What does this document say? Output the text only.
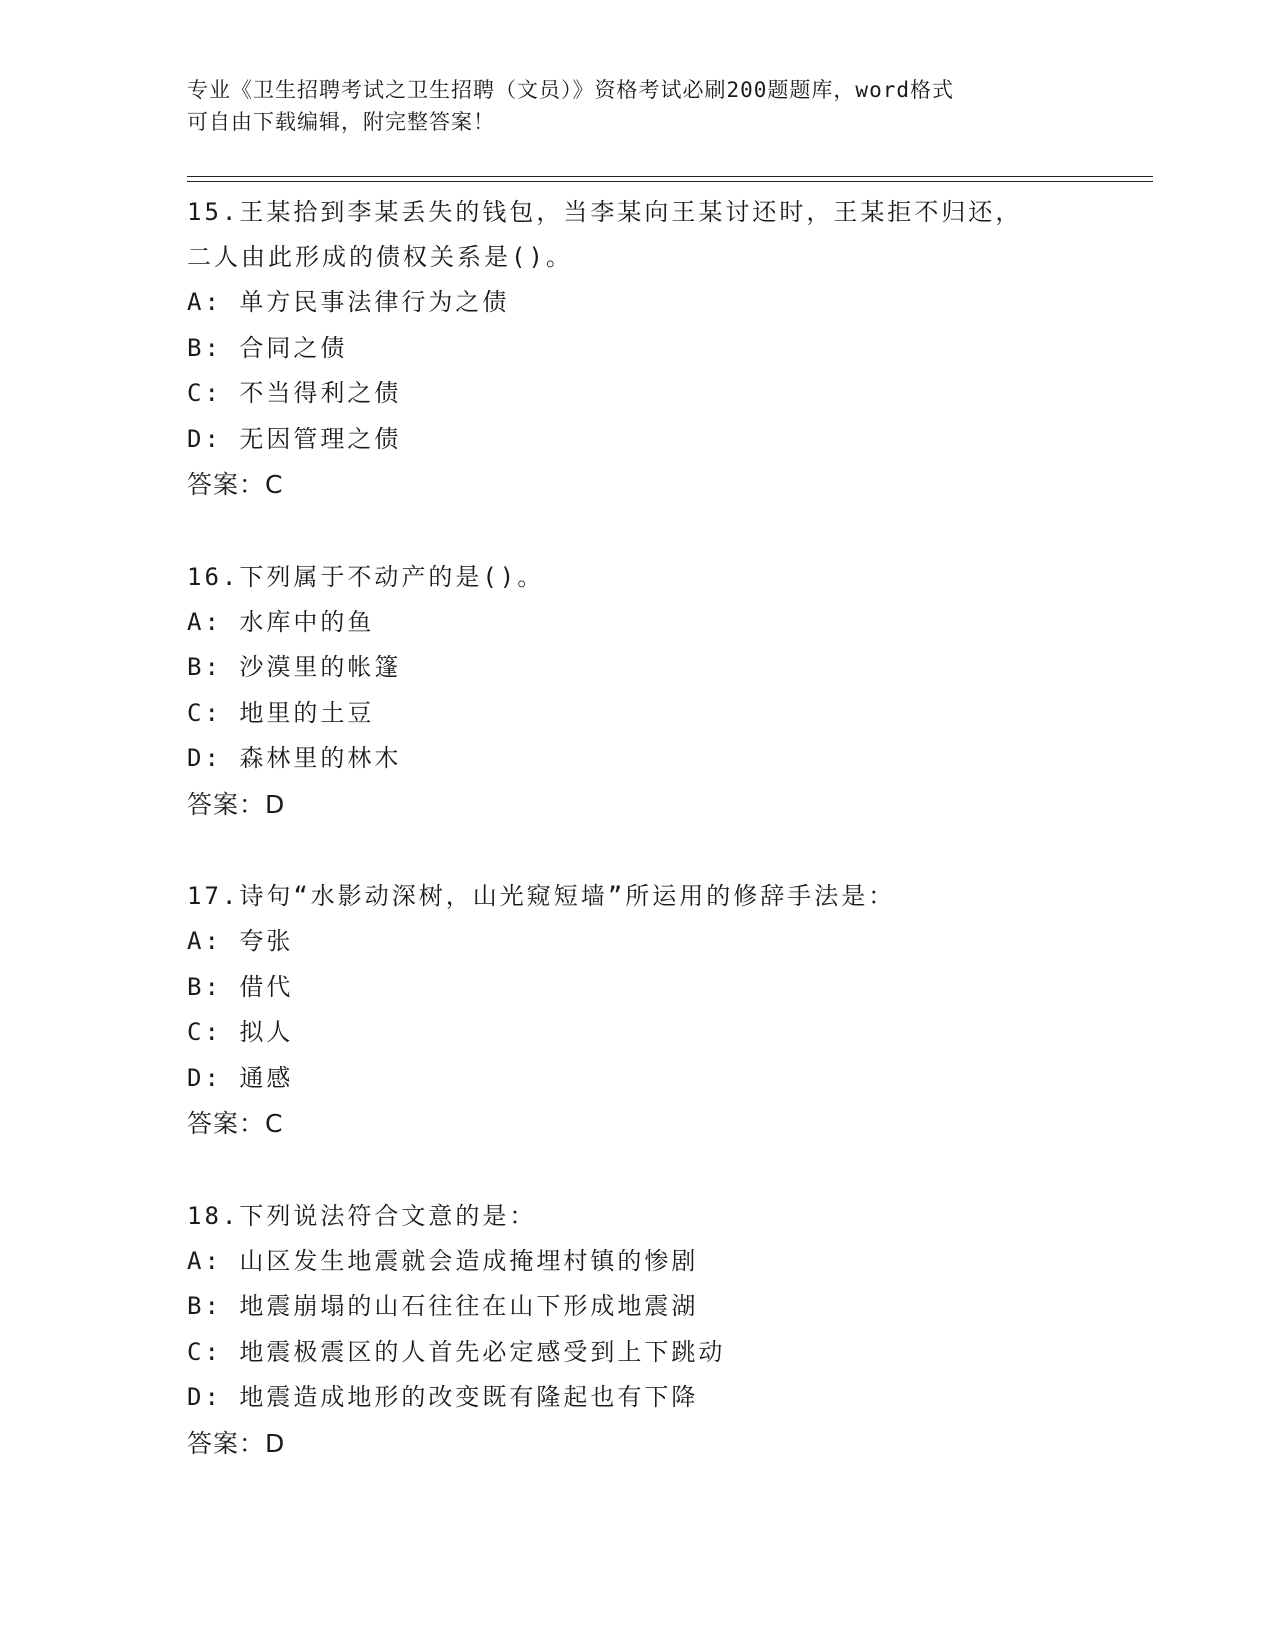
专业《卫生招聘考试之卫生招聘（文员）》资格考试必刷200题题库，word格式
可自由下载编辑，附完整答案！
15.王某拾到李某丢失的钱包，当李某向王某讨还时，王某拒不归还，
二人由此形成的债权关系是()。
A: 单方民事法律行为之债
B: 合同之债
C: 不当得利之债
D: 无因管理之债
答案：C
16.下列属于不动产的是()。
A: 水库中的鱼
B: 沙漠里的帐篷
C: 地里的土豆
D: 森林里的林木
答案：D
17.诗句“水影动深树，山光窥短墙”所运用的修辞手法是：
A: 夸张
B: 借代
C: 拟人
D: 通感
答案：C
18.下列说法符合文意的是：
A: 山区发生地震就会造成掩埋村镇的惨剧
B: 地震崩塌的山石往往在山下形成地震湖
C: 地震极震区的人首先必定感受到上下跳动
D: 地震造成地形的改变既有隆起也有下降
答案：D
